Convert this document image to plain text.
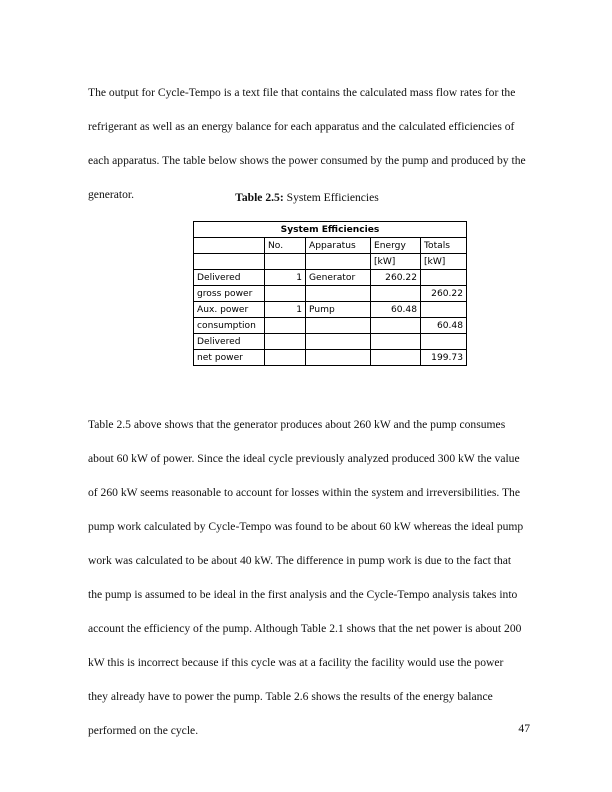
The output for Cycle-Tempo is a text file that contains the calculated mass flow rates for the refrigerant as well as an energy balance for each apparatus and the calculated efficiencies of each apparatus. The table below shows the power consumed by the pump and produced by the generator.	Table 2.5: System Efficiencies
System Efficiencies				
	No.	Apparatus	Energy	Totals
			[kW]	[kW]
Delivered	1	Generator	260.22	
gross power				260.22
Aux. power	1	Pump	60.48	
consumption				60.48
Delivered				
net power				199.73

Table 2.5 above shows that the generator produces about 260 kW and the pump consumes about 60 kW of power. Since the ideal cycle previously analyzed produced 300 kW the value of 260 kW seems reasonable to account for losses within the system and irreversibilities. The pump work calculated by Cycle-Tempo was found to be about 60 kW whereas the ideal pump work was calculated to be about 40 kW. The difference in pump work is due to the fact that the pump is assumed to be ideal in the first analysis and the Cycle-Tempo analysis takes into account the efficiency of the pump. Although Table 2.1 shows that the net power is about 200 kW this is incorrect because if this cycle was at a facility the facility would use the power they already have to power the pump. Table 2.6 shows the results of the energy balance performed on the cycle.	47
